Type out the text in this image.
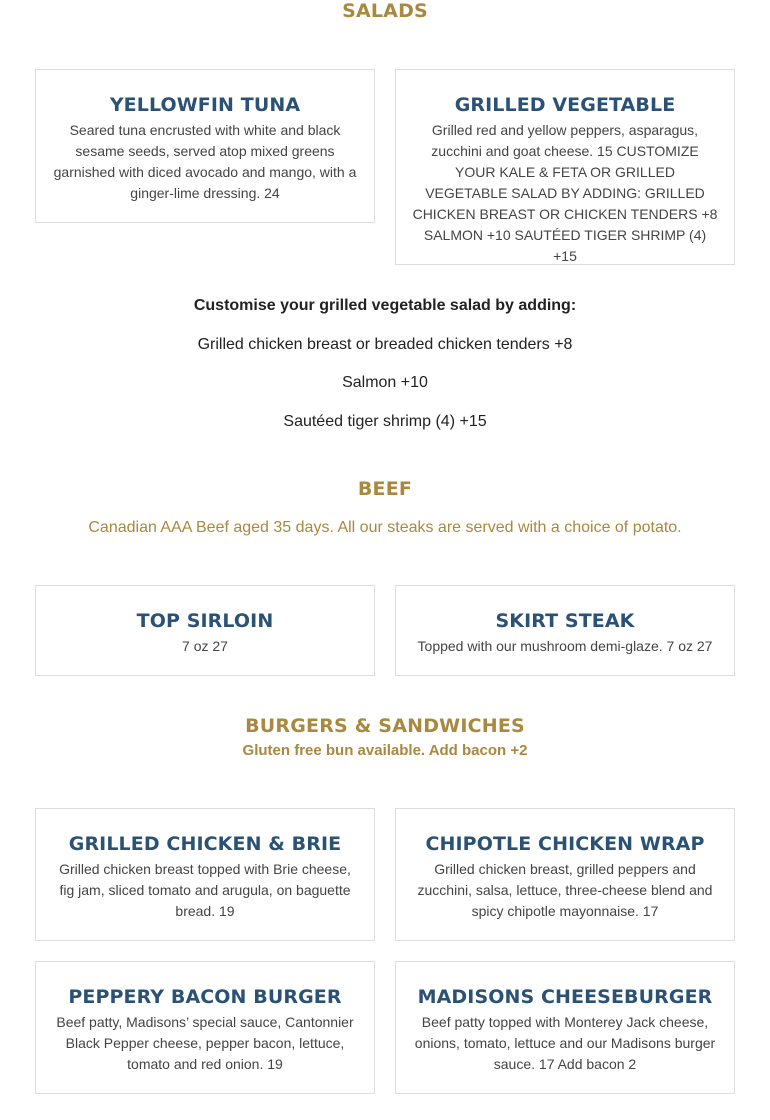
SALADS
YELLOWFIN TUNA
Seared tuna encrusted with white and black sesame seeds, served atop mixed greens garnished with diced avocado and mango, with a ginger-lime dressing. 24
GRILLED VEGETABLE
Grilled red and yellow peppers, asparagus, zucchini and goat cheese. 15 CUSTOMIZE YOUR KALE & FETA OR GRILLED VEGETABLE SALAD BY ADDING: GRILLED CHICKEN BREAST OR CHICKEN TENDERS +8 SALMON +10 SAUTÉED TIGER SHRIMP (4) +15
Customise your grilled vegetable salad by adding:
Grilled chicken breast or breaded chicken tenders +8
Salmon +10
Sautéed tiger shrimp (4) +15
BEEF
Canadian AAA Beef aged 35 days. All our steaks are served with a choice of potato.
TOP SIRLOIN
7 oz 27
SKIRT STEAK
Topped with our mushroom demi-glaze. 7 oz 27
BURGERS & SANDWICHES
Gluten free bun available. Add bacon +2
GRILLED CHICKEN & BRIE
Grilled chicken breast topped with Brie cheese, fig jam, sliced tomato and arugula, on baguette bread. 19
CHIPOTLE CHICKEN WRAP
Grilled chicken breast, grilled peppers and zucchini, salsa, lettuce, three-cheese blend and spicy chipotle mayonnaise. 17
PEPPERY BACON BURGER
Beef patty, Madisons’ special sauce, Cantonnier Black Pepper cheese, pepper bacon, lettuce, tomato and red onion. 19
MADISONS CHEESEBURGER
Beef patty topped with Monterey Jack cheese, onions, tomato, lettuce and our Madisons burger sauce. 17 Add bacon 2
